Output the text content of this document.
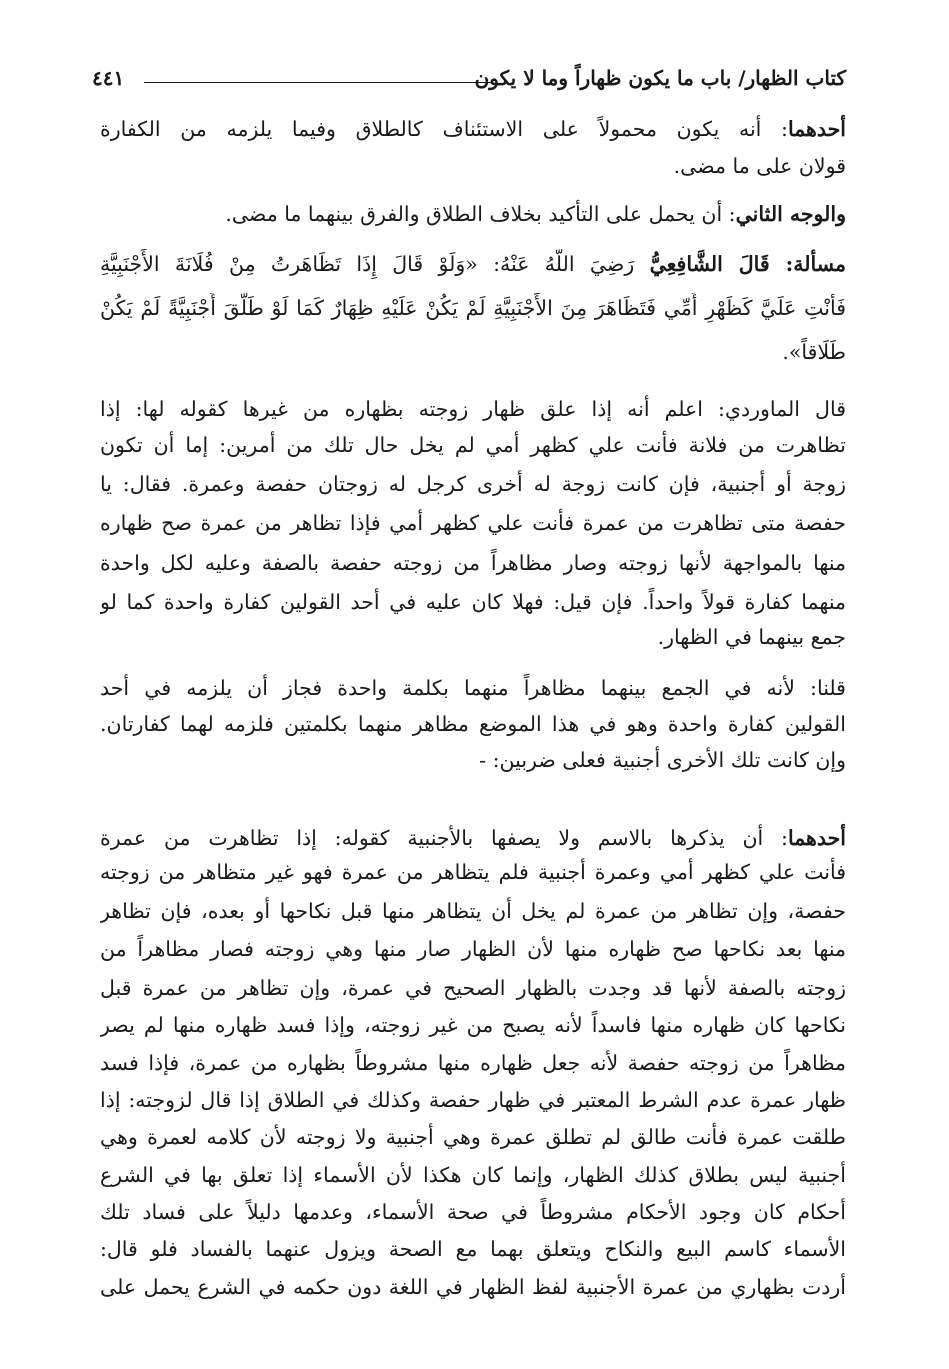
كتاب الظهار/ باب ما يكون ظهاراً وما لا يكون
٤٤١
أحدهما: أنه يكون محمولاً على الاستئناف كالطلاق وفيما يلزمه من الكفارة
قولان على ما مضى.
والوجه الثاني: أن يحمل على التأكيد بخلاف الطلاق والفرق بينهما ما مضى.
مسألة: قَالَ الشَّافِعِيُّ رَضِيَ اللَّهُ عَنْهُ: «وَلَوْ قَالَ إِذَا تَظَاهَرتُ مِنْ فُلَانَةَ الأَجْنَبِيَّةِ
فَأَنْتِ عَلَيَّ كَظَهْرِ أُمِّي فَتَظَاهَرَ مِنَ الأَجْنَبِيَّةِ لَمْ يَكُنْ عَلَيْهِ ظِهَارٌ كَمَا لَوْ طَلَّقَ أَجْنَبِيَّةً لَمْ يَكُنْ
طَلَاقاً».
قال الماوردي: اعلم أنه إذا علق ظهار زوجته بظهاره من غيرها كقوله لها: إذا
تظاهرت من فلانة فأنت علي كظهر أمي لم يخل حال تلك من أمرين: إما أن تكون
زوجة أو أجنبية، فإن كانت زوجة له أخرى كرجل له زوجتان حفصة وعمرة. فقال: يا
حفصة متى تظاهرت من عمرة فأنت علي كظهر أمي فإذا تظاهر من عمرة صح ظهاره
منها بالمواجهة لأنها زوجته وصار مظاهراً من زوجته حفصة بالصفة وعليه لكل واحدة
منهما كفارة قولاً واحداً. فإن قيل: فهلا كان عليه في أحد القولين كفارة واحدة كما لو
جمع بينهما في الظهار.
قلنا: لأنه في الجمع بينهما مظاهراً منهما بكلمة واحدة فجاز أن يلزمه في أحد
القولين كفارة واحدة وهو في هذا الموضع مظاهر منهما بكلمتين فلزمه لهما كفارتان.
وإن كانت تلك الأخرى أجنبية فعلى ضربين: -
أحدهما: أن يذكرها بالاسم ولا يصفها بالأجنبية كقوله: إذا تظاهرت من عمرة
فأنت علي كظهر أمي وعمرة أجنبية فلم يتظاهر من عمرة فهو غير متظاهر من زوجته
حفصة، وإن تظاهر من عمرة لم يخل أن يتظاهر منها قبل نكاحها أو بعده، فإن تظاهر
منها بعد نكاحها صح ظهاره منها لأن الظهار صار منها وهي زوجته فصار مظاهراً من
زوجته بالصفة لأنها قد وجدت بالظهار الصحيح في عمرة، وإن تظاهر من عمرة قبل
نكاحها كان ظهاره منها فاسداً لأنه يصبح من غير زوجته، وإذا فسد ظهاره منها لم يصر
مظاهراً من زوجته حفصة لأنه جعل ظهاره منها مشروطاً بظهاره من عمرة، فإذا فسد
ظهار عمرة عدم الشرط المعتبر في ظهار حفصة وكذلك في الطلاق إذا قال لزوجته: إذا
طلقت عمرة فأنت طالق لم تطلق عمرة وهي أجنبية ولا زوجته لأن كلامه لعمرة وهي
أجنبية ليس بطلاق كذلك الظهار، وإنما كان هكذا لأن الأسماء إذا تعلق بها في الشرع
أحكام كان وجود الأحكام مشروطاً في صحة الأسماء، وعدمها دليلاً على فساد تلك
الأسماء كاسم البيع والنكاح ويتعلق بهما مع الصحة ويزول عنهما بالفساد فلو قال:
أردت بظهاري من عمرة الأجنبية لفظ الظهار في اللغة دون حكمه في الشرع يحمل على
